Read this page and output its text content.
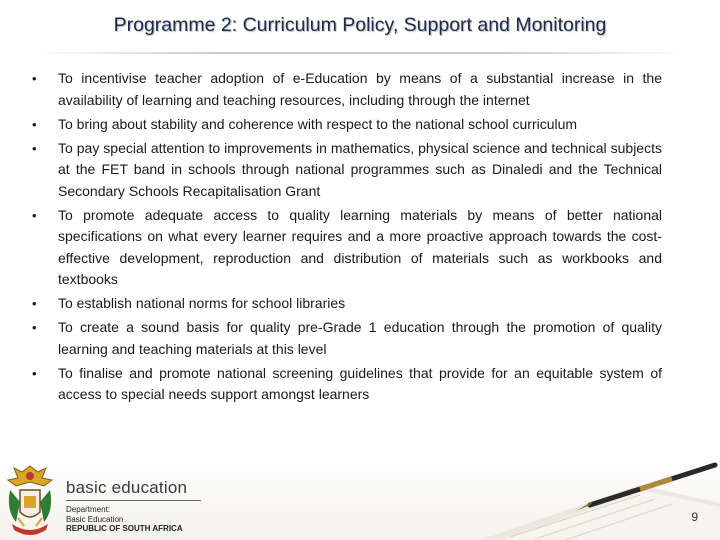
Programme 2: Curriculum Policy, Support and Monitoring
• To incentivise teacher adoption of e-Education by means of a substantial increase in the availability of learning and teaching resources, including through the internet
• To bring about stability and coherence with respect to the national school curriculum
• To pay special attention to improvements in mathematics, physical science and technical subjects at the FET band in schools through national programmes such as Dinaledi and the Technical Secondary Schools Recapitalisation Grant
• To promote adequate access to quality learning materials by means of better national specifications on what every learner requires and a more proactive approach towards the cost-effective development, reproduction and distribution of materials such as workbooks and textbooks
• To establish national norms for school libraries
• To create a sound basis for quality pre-Grade 1 education through the promotion of quality learning and teaching materials at this level
• To finalise and promote national screening guidelines that provide for an equitable system of access to special needs support amongst learners
basic education
Department:
Basic Education
REPUBLIC OF SOUTH AFRICA
9
